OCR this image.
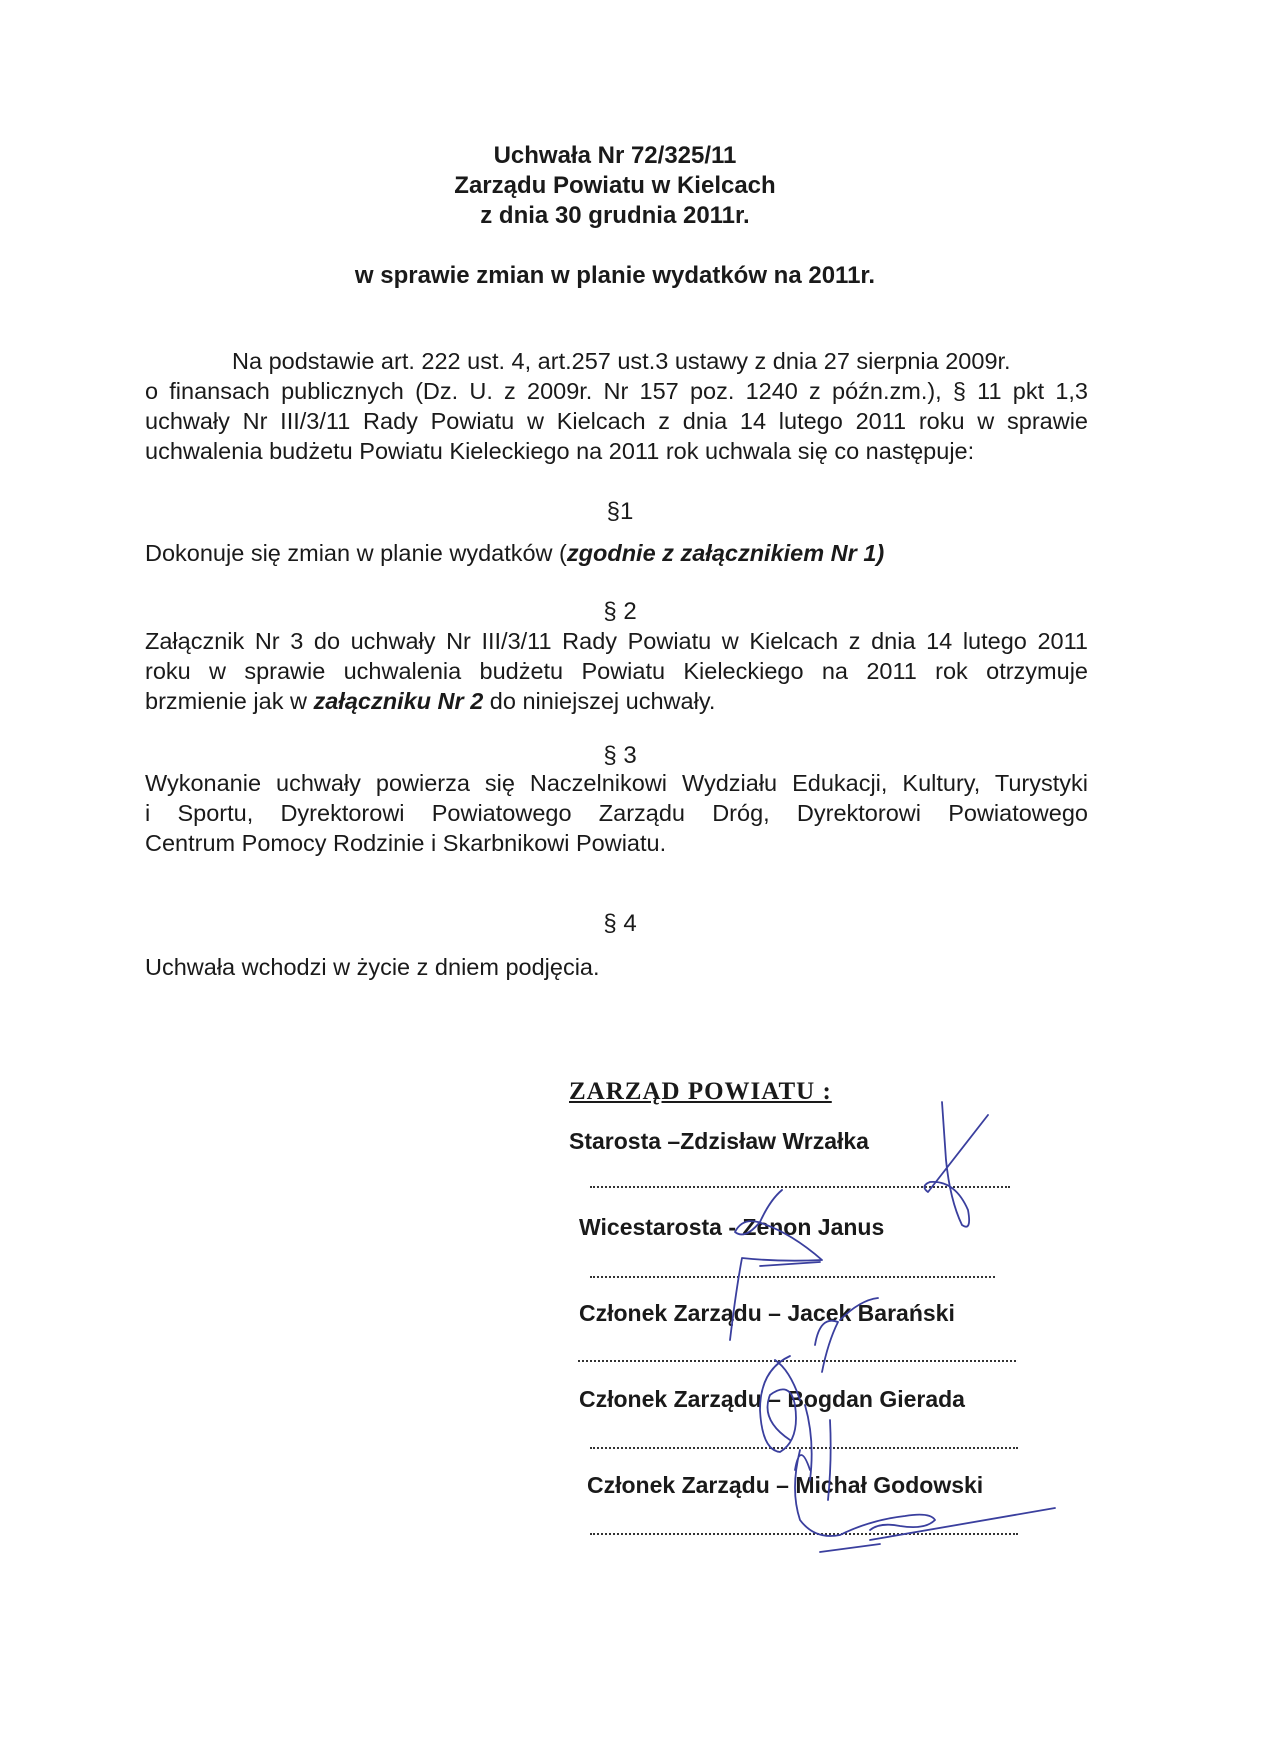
Uchwała Nr 72/325/11
Zarządu Powiatu w Kielcach
z dnia 30 grudnia 2011r.
w sprawie zmian w planie wydatków na 2011r.
Na podstawie art. 222 ust. 4, art.257 ust.3 ustawy z dnia 27 sierpnia 2009r.
o finansach publicznych (Dz. U. z 2009r. Nr 157 poz. 1240 z późn.zm.), § 11 pkt 1,3
uchwały Nr III/3/11 Rady Powiatu w Kielcach z dnia 14 lutego 2011 roku w sprawie
uchwalenia budżetu Powiatu Kieleckiego na 2011 rok uchwala się co następuje:
§1
Dokonuje się zmian w planie wydatków (zgodnie z załącznikiem Nr 1)
§ 2
Załącznik Nr 3 do uchwały Nr III/3/11 Rady Powiatu w Kielcach z dnia 14 lutego 2011
roku w sprawie uchwalenia budżetu Powiatu Kieleckiego na 2011 rok otrzymuje
brzmienie jak w załączniku Nr 2 do niniejszej uchwały.
§ 3
Wykonanie uchwały powierza się Naczelnikowi Wydziału Edukacji, Kultury, Turystyki
i Sportu, Dyrektorowi Powiatowego Zarządu Dróg, Dyrektorowi Powiatowego
Centrum Pomocy Rodzinie i Skarbnikowi Powiatu.
§ 4
Uchwała wchodzi w życie z dniem podjęcia.
ZARZĄD POWIATU :
Starosta –Zdzisław Wrzałka
Wicestarosta - Zenon Janus
Członek Zarządu – Jacek Barański
Członek Zarządu – Bogdan Gierada
Członek Zarządu – Michał Godowski
